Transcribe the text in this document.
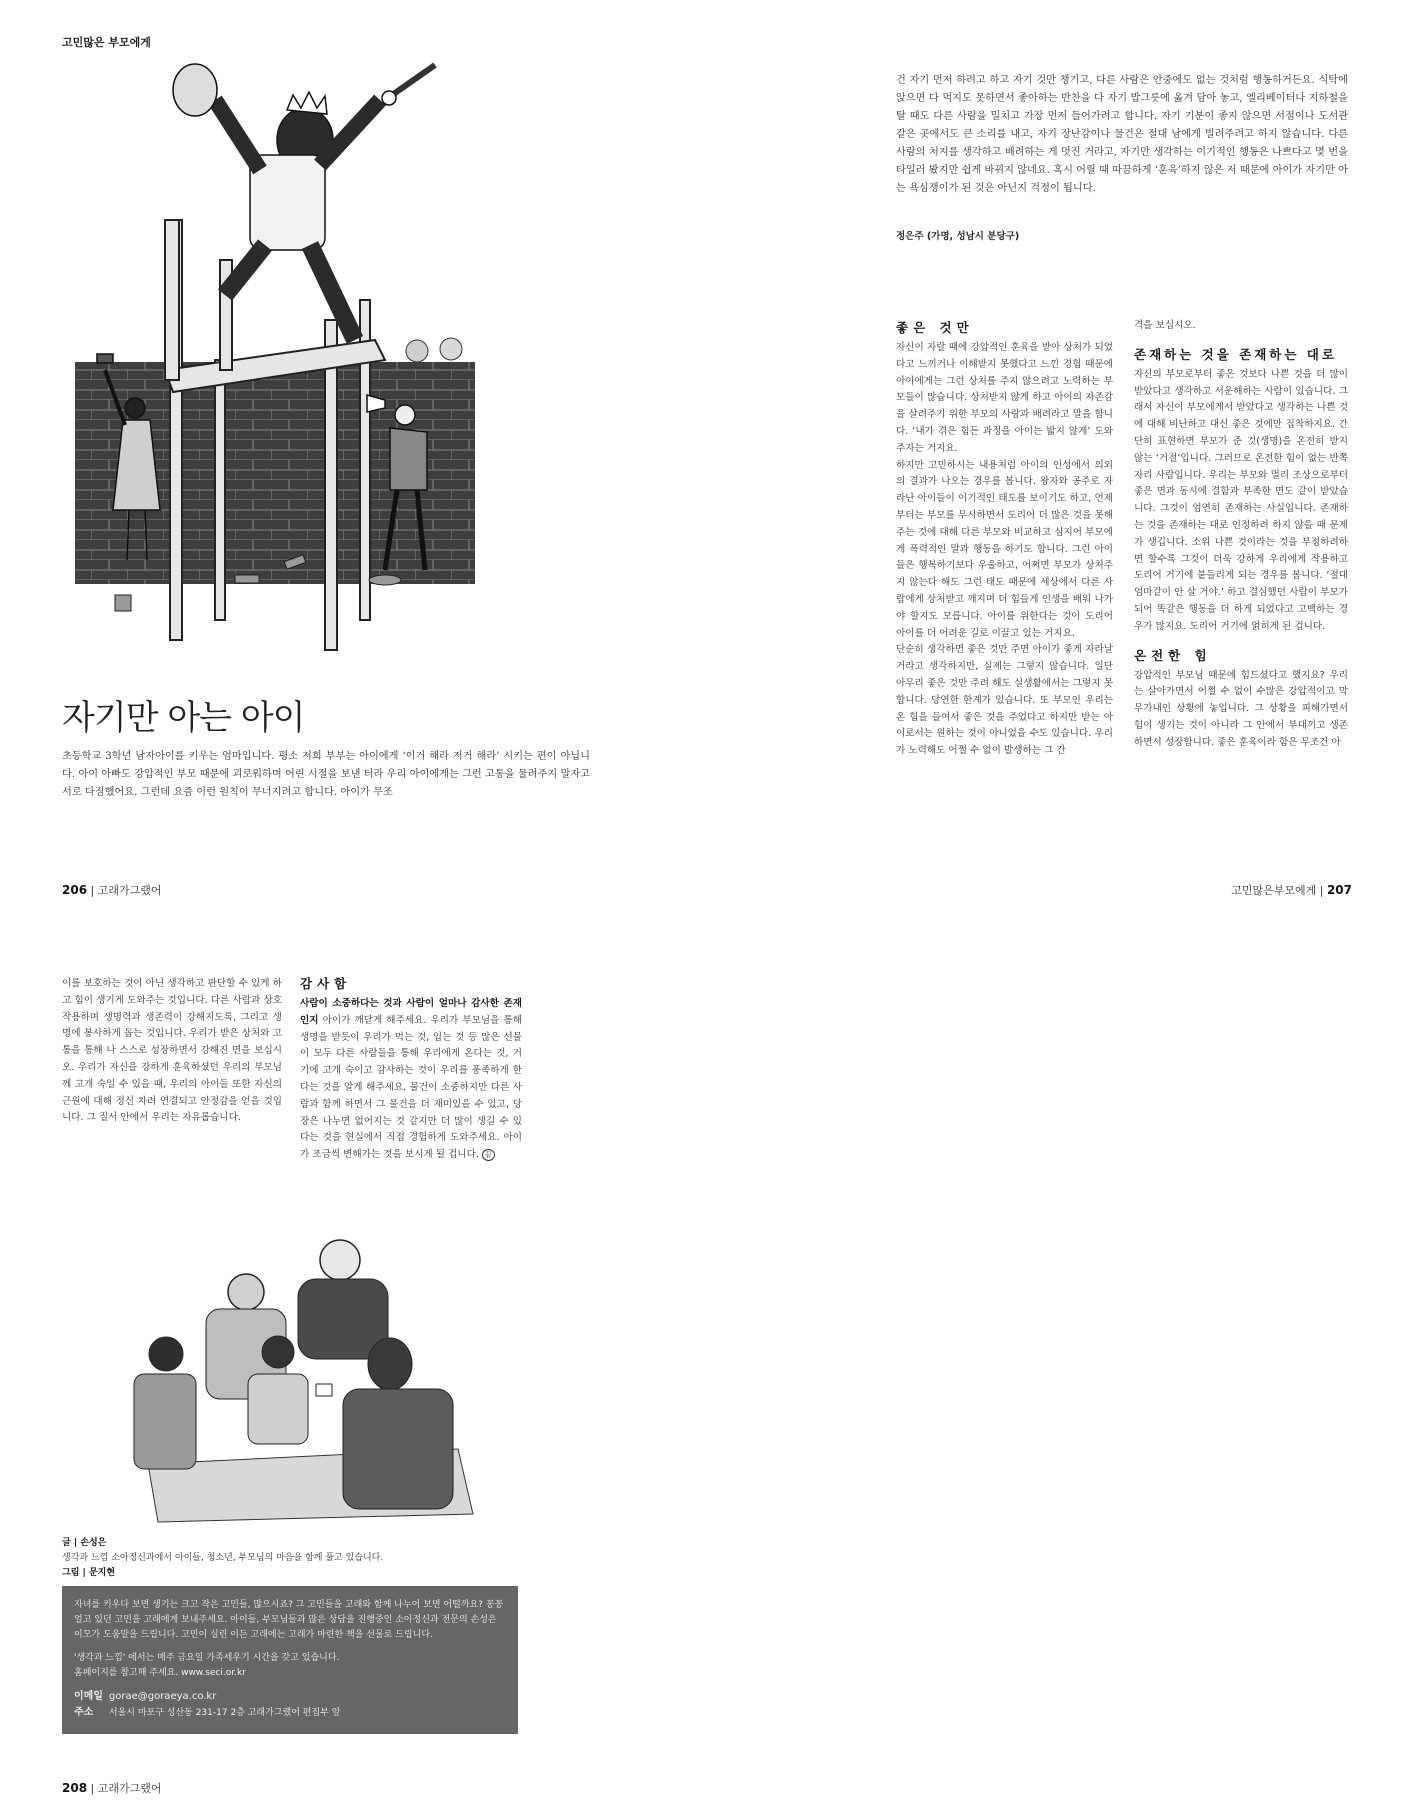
고민많은 부모에게
자기만 아는 아이

초등학교 3학년 남자아이를 키우는 엄마입니다. 평소 저희 부부는 아이에게 ‘이거 해라 저거 해라’ 시키는 편이 아닙니다. 아이 아빠도 강압적인 부모 때문에 괴로워하며 어린 시절을 보낸 터라 우리 아이에게는 그런 고통을 물려주지 말자고 서로 다짐했어요. 그런데 요즘 이런 원칙이 무너지려고 합니다. 아이가 무조

206 | 고래가그랬어

건 자기 먼저 하려고 하고 자기 것만 챙기고, 다른 사람은 안중에도 없는 것처럼 행동하거든요. 식탁에 앉으면 다 먹지도 못하면서 좋아하는 반찬을 다 자기 밥그릇에 옮겨 담아 놓고, 엘리베이터나 지하철을 탈 때도 다른 사람을 밀치고 가장 먼저 들어가려고 합니다. 자기 기분이 좋지 않으면 서점이나 도서관 같은 곳에서도 큰 소리를 내고, 자기 장난감이나 물건은 절대 남에게 빌려주려고 하지 않습니다. 다른 사람의 처지를 생각하고 배려하는 게 멋진 거라고, 자기만 생각하는 이기적인 행동은 나쁘다고 몇 번을 타일러 봤지만 쉽게 바뀌지 않네요. 혹시 어릴 때 따끔하게 ‘훈육’하지 않은 저 때문에 아이가 자기만 아는 욕심쟁이가 된 것은 아닌지 걱정이 됩니다.

정은주 (가명, 성남시 분당구)
좋은 것만

자신이 자랄 때에 강압적인 훈육을 받아 상처가 되었다고 느끼거나 이해받지 못했다고 느낀 경험 때문에 아이에게는 그런 상처를 주지 않으려고 노력하는 부모들이 많습니다. 상처받지 않게 하고 아이의 자존감을 살려주기 위한 부모의 사랑과 배려라고 말을 합니다. ‘내가 겪은 힘든 과정을 아이는 밟지 않게’ 도와주자는 거지요.

하지만 고민하시는 내용처럼 아이의 인성에서 의외의 결과가 나오는 경우를 봅니다. 왕자와 공주로 자라난 아이들이 이기적인 태도를 보이기도 하고, 언제부터는 부모를 무시하면서 도리어 더 많은 것을 못해주는 것에 대해 다른 부모와 비교하고 심지어 부모에게 폭력적인 말과 행동을 하기도 합니다. 그런 아이들은 행복하기보다 우울하고, 어쩌면 부모가 상처주지 않는다 해도 그런 태도 때문에 세상에서 다른 사람에게 상처받고 깨지며 더 힘들게 인생을 배워 나가야 할지도 모릅니다. 아이를 위한다는 것이 도리어 아이를 더 어려운 길로 이끌고 있는 거지요.

단순히 생각하면 좋은 것만 주면 아이가 좋게 자라날 거라고 생각하지만, 실제는 그렇지 않습니다. 일단 아무리 좋은 것만 주려 해도 실생활에서는 그렇지 못합니다. 당연한 한계가 있습니다. 또 부모인 우리는 온 힘을 들여서 좋은 것을 주었다고 하지만 받는 아이로서는 원하는 것이 아니었을 수도 있습니다. 우리가 노력해도 어쩔 수 없이 발생하는 그 간

격을 보십시오.

존재하는 것을 존재하는 대로

자신의 부모로부터 좋은 것보다 나쁜 것을 더 많이 받았다고 생각하고 서운해하는 사람이 있습니다. 그래서 자신이 부모에게서 받았다고 생각하는 나쁜 것에 대해 비난하고 대신 좋은 것에만 집착하지요. 간단히 표현하면 부모가 준 것(생명)을 온전히 받지 않는 ‘거절’입니다. 그러므로 온전한 힘이 없는 반쪽자리 사람입니다. 우리는 부모와 멀리 조상으로부터 좋은 면과 동시에 결함과 부족한 면도 같이 받았습니다. 그것이 엄연히 존재하는 사실입니다. 존재하는 것을 존재하는 대로 인정하려 하지 않을 때 문제가 생깁니다. 소위 나쁜 것이라는 것을 부정하려하면 할수록 그것이 더욱 강하게 우리에게 작용하고 도리어 거기에 붙들리게 되는 경우를 봅니다. ‘절대 엄마같이 안 살 거야.’ 하고 결심했던 사람이 부모가 되어 똑같은 행동을 더 하게 되었다고 고백하는 경우가 많지요. 도리어 거기에 얽히게 된 겁니다.

온전한 힘

강압적인 부모님 때문에 힘드셨다고 했지요? 우리는 살아가면서 어쩔 수 없이 수많은 강압적이고 막무가내인 상황에 놓입니다. 그 상황을 피해가면서 힘이 생기는 것이 아니라 그 안에서 부대끼고 생존하면서 성장합니다. 좋은 훈육이라 함은 무조건 아

고민많은부모에게 | 207

이를 보호하는 것이 아닌 생각하고 판단할 수 있게 하고 힘이 생기게 도와주는 것입니다. 다른 사람과 상호작용하며 생명력과 생존력이 강해지도록, 그리고 생명에 봉사하게 돕는 것입니다. 우리가 받은 상처와 고통을 통해 나 스스로 성장하면서 강해진 면을 보십시오. 우리가 자신을 강하게 훈육하셨던 우리의 부모님께 고개 숙일 수 있을 때, 우리의 아이들 또한 자신의 근원에 대해 정신 차려 연결되고 안정감을 얻을 것입니다. 그 질서 안에서 우리는 자유롭습니다.

감사함

사람이 소중하다는 것과 사람이 얼마나 감사한 존재인지 아이가 깨닫게 해주세요. 우리가 부모님을 통해 생명을 받듯이 우리가 먹는 것, 입는 것 등 많은 선물이 모두 다른 사람들을 통해 우리에게 온다는 것, 거기에 고개 숙이고 감사하는 것이 우리를 풍족하게 한다는 것을 알게 해주세요. 물건이 소중하지만 다른 사람과 함께 하면서 그 물건을 더 재미있을 수 있고, 당장은 나누면 없어지는 것 같지만 더 많이 생길 수 있다는 것을 현실에서 직접 경험하게 도와주세요. 아이가 조금씩 변해가는 것을 보시게 될 겁니다. 끝

글 | 손성은
생각과 느낌 소아정신과에서 아이들, 청소년, 부모님의 마음을 함께 풀고 있습니다.
그림 | 문지현

자녀를 키우다 보면 생기는 크고 작은 고민들, 많으시죠? 그 고민들을 고래와 함께 나누어 보면 어떨까요? 꽁꽁 얼고 있던 고민을 고래에게 보내주세요. 아이들, 부모님들과 많은 상담을 진행중인 소아정신과 전문의 손성은 이모가 도움말을 드립니다. 고민이 실린 이든 고래에는 고래가 마련한 책을 선물로 드립니다.

'생각과 느낌' 에서는 매주 금요일 가족세우기 시간을 갖고 있습니다.

홈페이지를 참고해 주세요. www.seci.or.kr

이메일 gorae@goraeya.co.kr

주소 서울시 마포구 성산동 231-17 2층 고래가그랬어 편집부 앞

208 | 고래가그랬어
